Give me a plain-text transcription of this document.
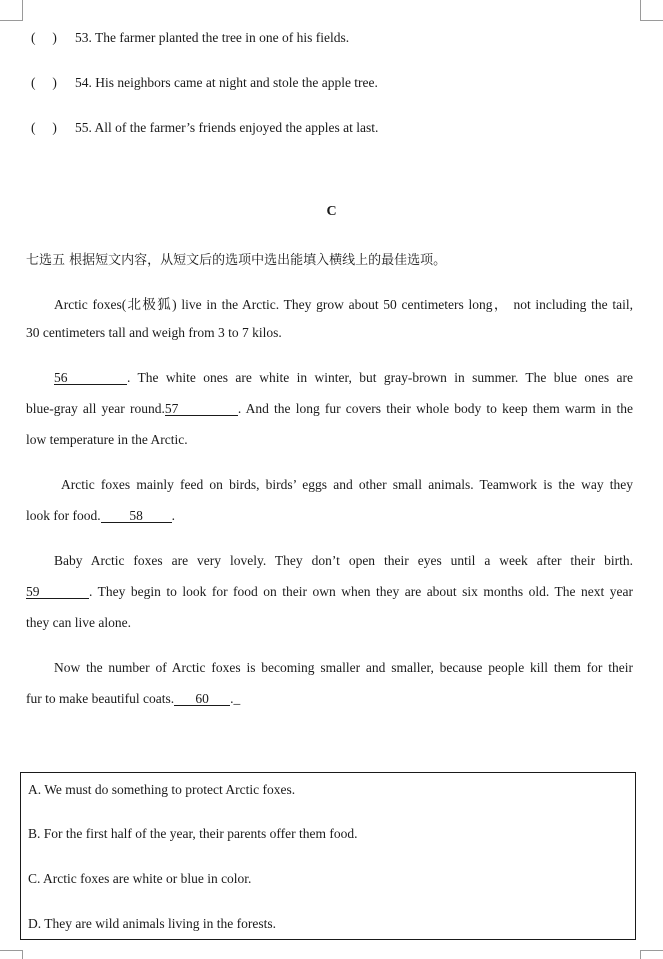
(　 ) 53. The farmer planted the tree in one of his fields.
(　 ) 54. His neighbors came at night and stole the apple tree.
(　 ) 55. All of the farmer’s friends enjoyed the apples at last.
C
七选五 根据短文内容，从短文后的选项中选出能填入横线上的最佳选项。
Arctic foxes(北极狐) live in the Arctic. They grow about 50 centimeters long， not including the tail,
30 centimeters tall and weigh from 3 to 7 kilos.
56	. The white ones are white in winter, but gray-brown in summer. The blue ones are
blue-gray all year round.57	. And the long fur covers their whole body to keep them warm in the
low temperature in the Arctic.
Arctic foxes mainly feed on birds, birds’ eggs and other small animals. Teamwork is the way they
look for food. 58 .
Baby Arctic foxes are very lovely. They don’t open their eyes until a week after their birth.
59	. They begin to look for food on their own when they are about six months old. The next year
they can live alone.
Now the number of Arctic foxes is becoming smaller and smaller, because people kill them for their
fur to make beautiful coats. 60 ._
A. We must do something to protect Arctic foxes.
B. For the first half of the year, their parents offer them food.
C. Arctic foxes are white or blue in color.
D. They are wild animals living in the forests.
